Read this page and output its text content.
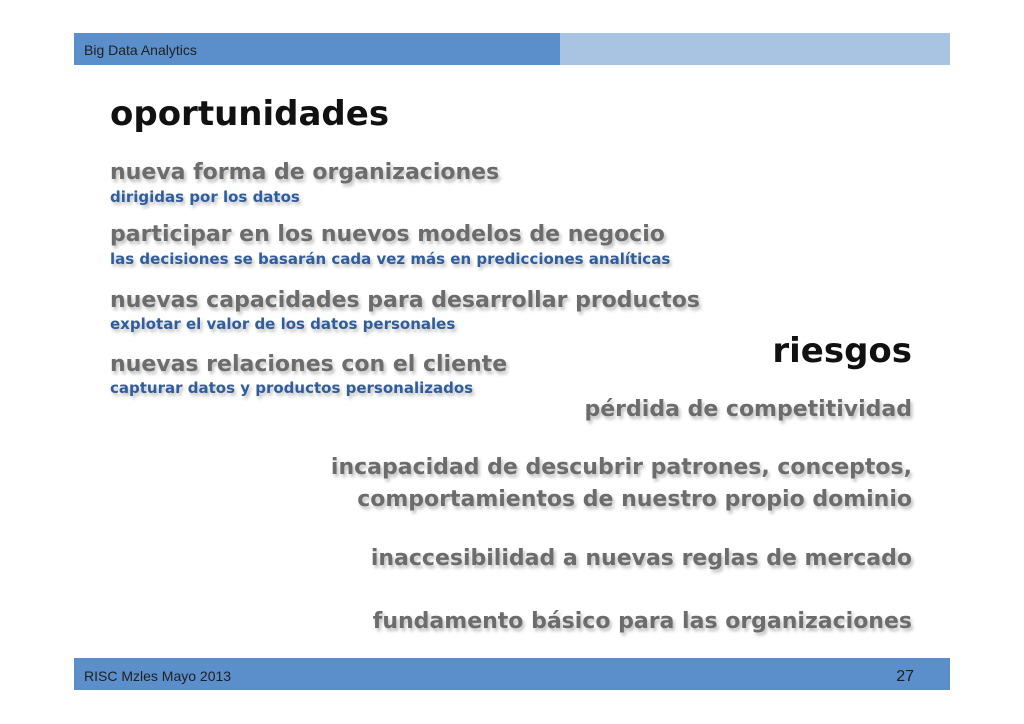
Big Data Analytics
oportunidades
nueva forma de organizaciones
dirigidas por los datos
participar en los nuevos modelos de negocio
las decisiones se basarán cada vez más en predicciones analíticas
nuevas capacidades para desarrollar productos
explotar el valor de los datos personales
nuevas relaciones con el cliente
capturar datos y productos personalizados
riesgos
pérdida de competitividad
incapacidad de descubrir patrones, conceptos,
comportamientos de nuestro propio dominio
inaccesibilidad a nuevas reglas de mercado
fundamento básico para las organizaciones
RISC Mzles Mayo 2013	27
